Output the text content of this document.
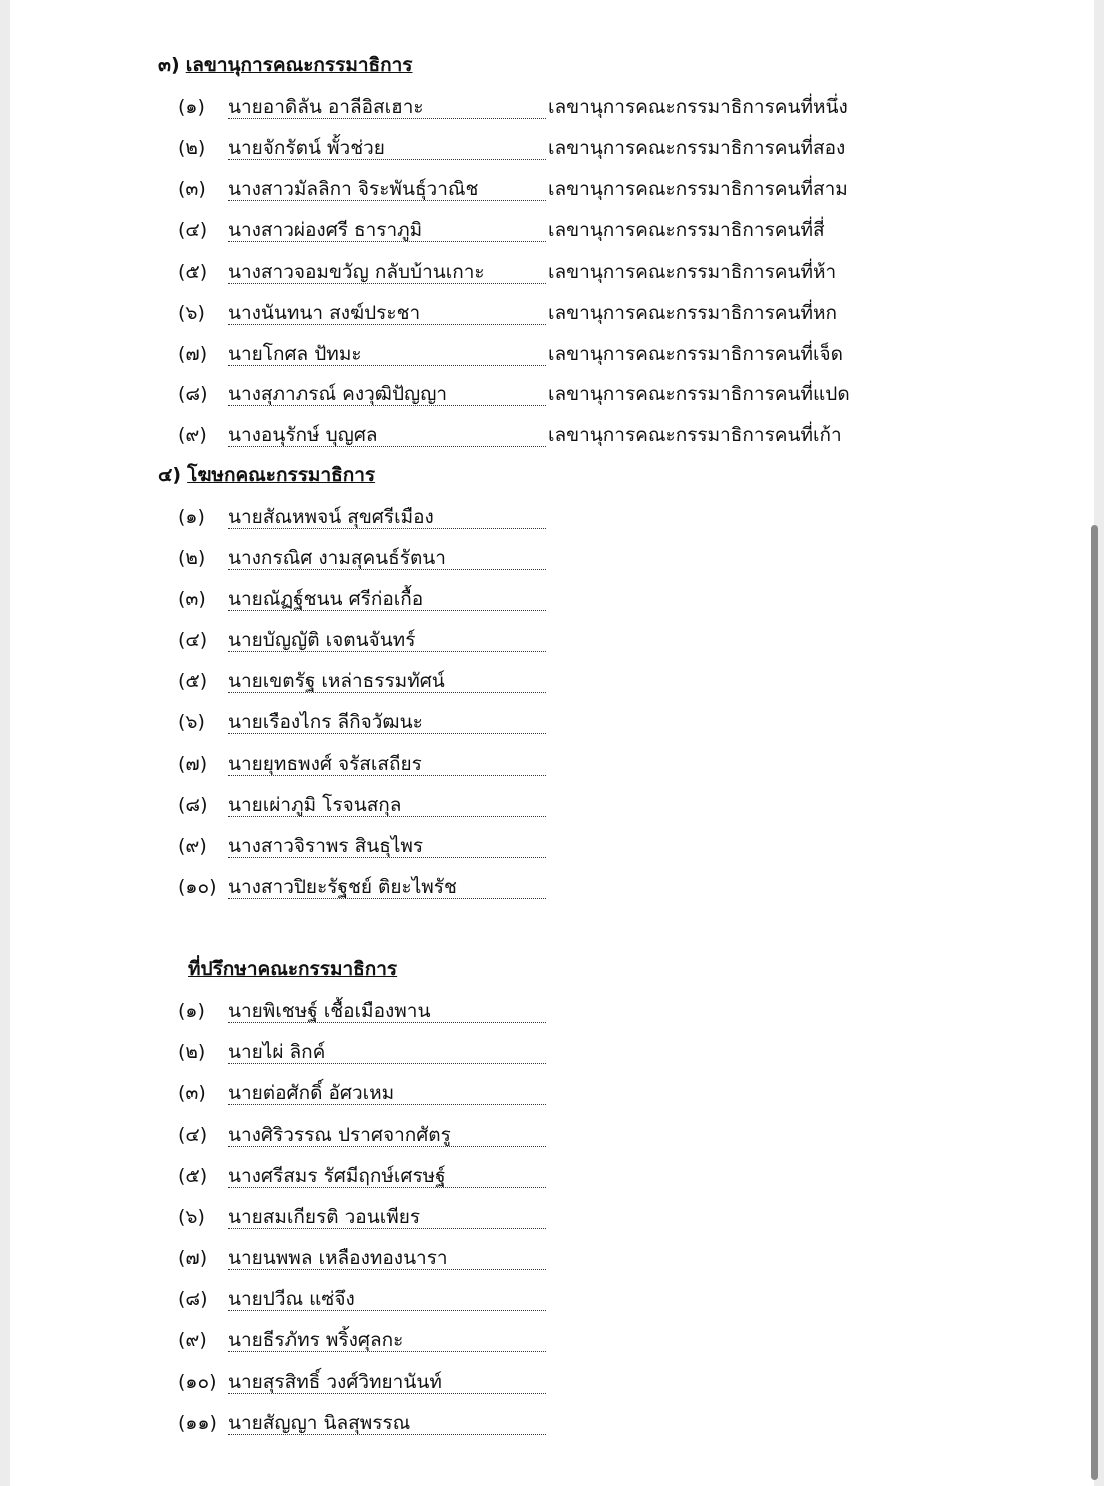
๓) เลขานุการคณะกรรมาธิการ
(๑) นายอาดิลัน อาลีอิสเฮาะ	เลขานุการคณะกรรมาธิการคนที่หนึ่ง
(๒) นายจักรัตน์ พั้วช่วย	เลขานุการคณะกรรมาธิการคนที่สอง
(๓) นางสาวมัลลิกา จิระพันธุ์วาณิช	เลขานุการคณะกรรมาธิการคนที่สาม
(๔) นางสาวผ่องศรี ธาราภูมิ	เลขานุการคณะกรรมาธิการคนที่สี่
(๕) นางสาวจอมขวัญ กลับบ้านเกาะ	เลขานุการคณะกรรมาธิการคนที่ห้า
(๖) นางนันทนา สงฆ์ประชา	เลขานุการคณะกรรมาธิการคนที่หก
(๗) นายโกศล ปัทมะ	เลขานุการคณะกรรมาธิการคนที่เจ็ด
(๘) นางสุภาภรณ์ คงวุฒิปัญญา	เลขานุการคณะกรรมาธิการคนที่แปด
(๙) นางอนุรักษ์ บุญศล	เลขานุการคณะกรรมาธิการคนที่เก้า
๔) โฆษกคณะกรรมาธิการ
(๑) นายสัณหพจน์ สุขศรีเมือง
(๒) นางกรณิศ งามสุคนธ์รัตนา
(๓) นายณัฏฐ์ชนน ศรีก่อเกื้อ
(๔) นายบัญญัติ เจตนจันทร์
(๕) นายเขตรัฐ เหล่าธรรมทัศน์
(๖) นายเรืองไกร ลีกิจวัฒนะ
(๗) นายยุทธพงศ์ จรัสเสถียร
(๘) นายเผ่าภูมิ โรจนสกุล
(๙) นางสาวจิราพร สินธุไพร
(๑๐) นางสาวปิยะรัฐชย์ ติยะไพรัช
ที่ปรึกษาคณะกรรมาธิการ
(๑) นายพิเชษฐ์ เชื้อเมืองพาน
(๒) นายไผ่ ลิกค์
(๓) นายต่อศักดิ์ อัศวเหม
(๔) นางศิริวรรณ ปราศจากศัตรู
(๕) นางศรีสมร รัศมีฤกษ์เศรษฐ์
(๖) นายสมเกียรติ วอนเพียร
(๗) นายนพพล เหลืองทองนารา
(๘) นายปวีณ แซ่จึง
(๙) นายธีรภัทร พริ้งศุลกะ
(๑๐) นายสุรสิทธิ์ วงศ์วิทยานันท์
(๑๑) นายสัญญา นิลสุพรรณ
